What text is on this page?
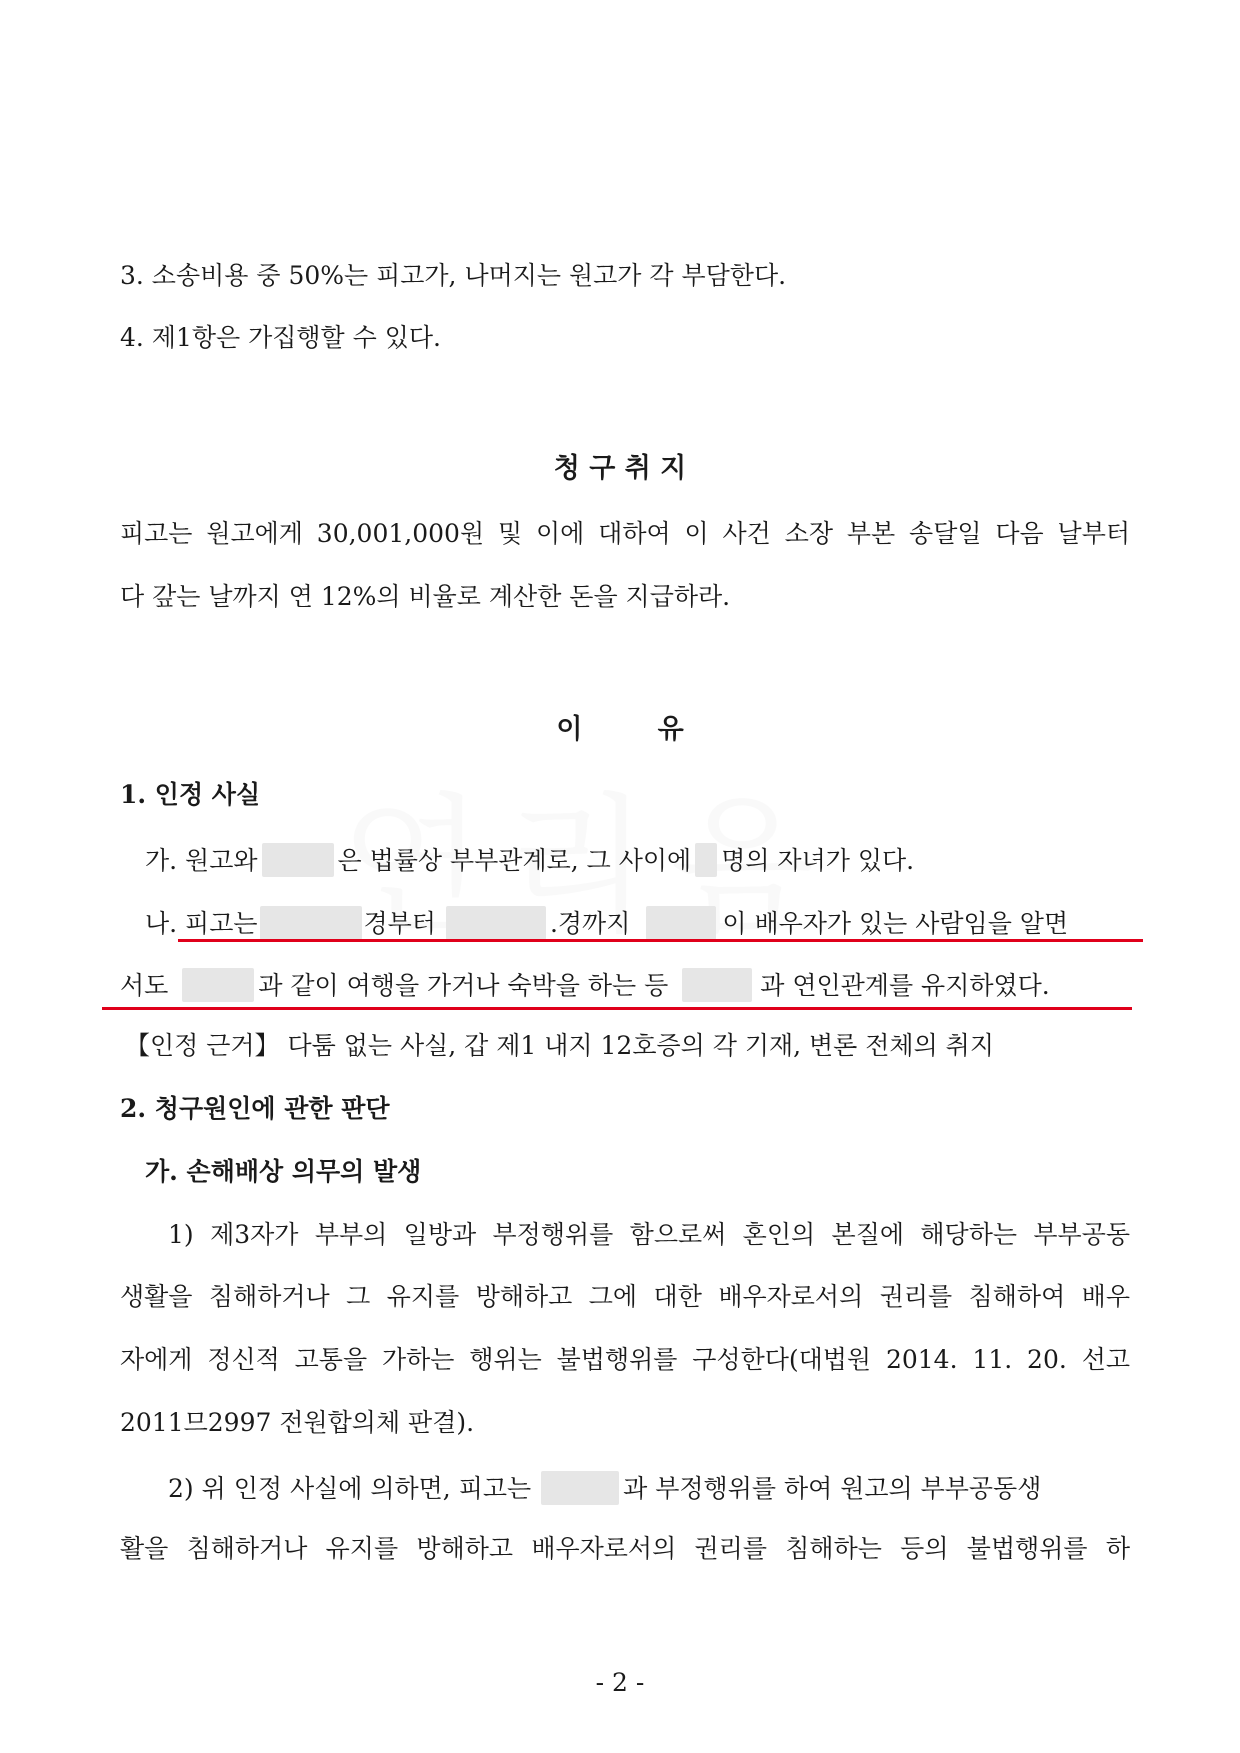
3. 소송비용 중 50%는 피고가, 나머지는 원고가 각 부담한다.
4. 제1항은 가집행할 수 있다.
청 구 취 지
피고는 원고에게 30,001,000원 및 이에 대하여 이 사건 소장 부본 송달일 다음 날부터
다 갚는 날까지 연 12%의 비율로 계산한 돈을 지급하라.
이        유
1. 인정 사실
가. 원고와	은 법률상 부부관계로, 그 사이에 명의 자녀가 있다.
나. 피고는	경부터	.경까지	이 배우자가 있는 사람임을 알면
서도	과 같이 여행을 가거나 숙박을 하는 등	과 연인관계를 유지하였다.
【인정 근거】 다툼 없는 사실, 갑 제1 내지 12호증의 각 기재, 변론 전체의 취지
2. 청구원인에 관한 판단
가. 손해배상 의무의 발생
1) 제3자가 부부의 일방과 부정행위를 함으로써 혼인의 본질에 해당하는 부부공동
생활을 침해하거나 그 유지를 방해하고 그에 대한 배우자로서의 권리를 침해하여 배우
자에게 정신적 고통을 가하는 행위는 불법행위를 구성한다(대법원 2014. 11. 20. 선고
2011므2997 전원합의체 판결).
2) 위 인정 사실에 의하면, 피고는	과 부정행위를 하여 원고의 부부공동생
활을 침해하거나 유지를 방해하고 배우자로서의 권리를 침해하는 등의 불법행위를 하
- 2 -
